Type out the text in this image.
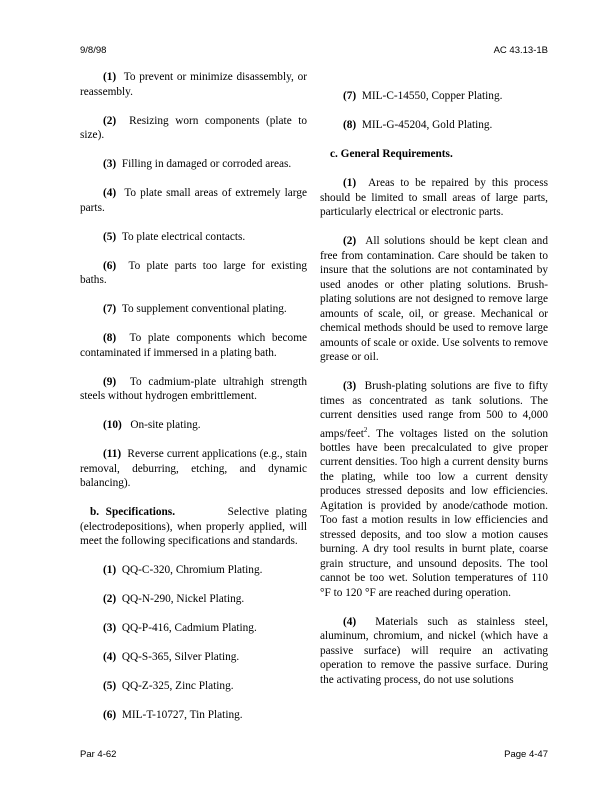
9/8/98	AC 43.13-1B

(1) To prevent or minimize disassembly, or reassembly.

(2) Resizing worn components (plate to size).

(3) Filling in damaged or corroded areas.

(4) To plate small areas of extremely large parts.

(5) To plate electrical contacts.

(6) To plate parts too large for existing baths.

(7) To supplement conventional plating.

(8) To plate components which become contaminated if immersed in a plating bath.

(9) To cadmium-plate ultrahigh strength steels without hydrogen embrittlement.

(10) On-site plating.

(11) Reverse current applications (e.g., stain removal, deburring, etching, and dynamic balancing).

b. Specifications.	Selective plating (electrodepositions), when properly applied, will meet the following specifications and standards.

(1) QQ-C-320, Chromium Plating.

(2) QQ-N-290, Nickel Plating.

(3) QQ-P-416, Cadmium Plating.

(4) QQ-S-365, Silver Plating.

(5) QQ-Z-325, Zinc Plating.

(6) MIL-T-10727, Tin Plating.

(7) MIL-C-14550, Copper Plating.

(8) MIL-G-45204, Gold Plating.

c. General Requirements.

(1) Areas to be repaired by this process should be limited to small areas of large parts, particularly electrical or electronic parts.

(2) All solutions should be kept clean and free from contamination. Care should be taken to insure that the solutions are not contaminated by used anodes or other plating solutions. Brush-plating solutions are not designed to remove large amounts of scale, oil, or grease. Mechanical or chemical methods should be used to remove large amounts of scale or oxide. Use solvents to remove grease or oil.

(3) Brush-plating solutions are five to fifty times as concentrated as tank solutions. The current densities used range from 500 to 4,000 amps/feet$^2$. The voltages listed on the solution bottles have been precalculated to give proper current densities. Too high a current density burns the plating, while too low a current density produces stressed deposits and low efficiencies. Agitation is provided by anode/cathode motion. Too fast a motion results in low efficiencies and stressed deposits, and too slow a motion causes burning. A dry tool results in burnt plate, coarse grain structure, and unsound deposits. The tool cannot be too wet. Solution temperatures of 110 °F to 120 °F are reached during operation.

(4) Materials such as stainless steel, aluminum, chromium, and nickel (which have a passive surface) will require an activating operation to remove the passive surface. During the activating process, do not use solutions

Par 4-62	Page 4-47
